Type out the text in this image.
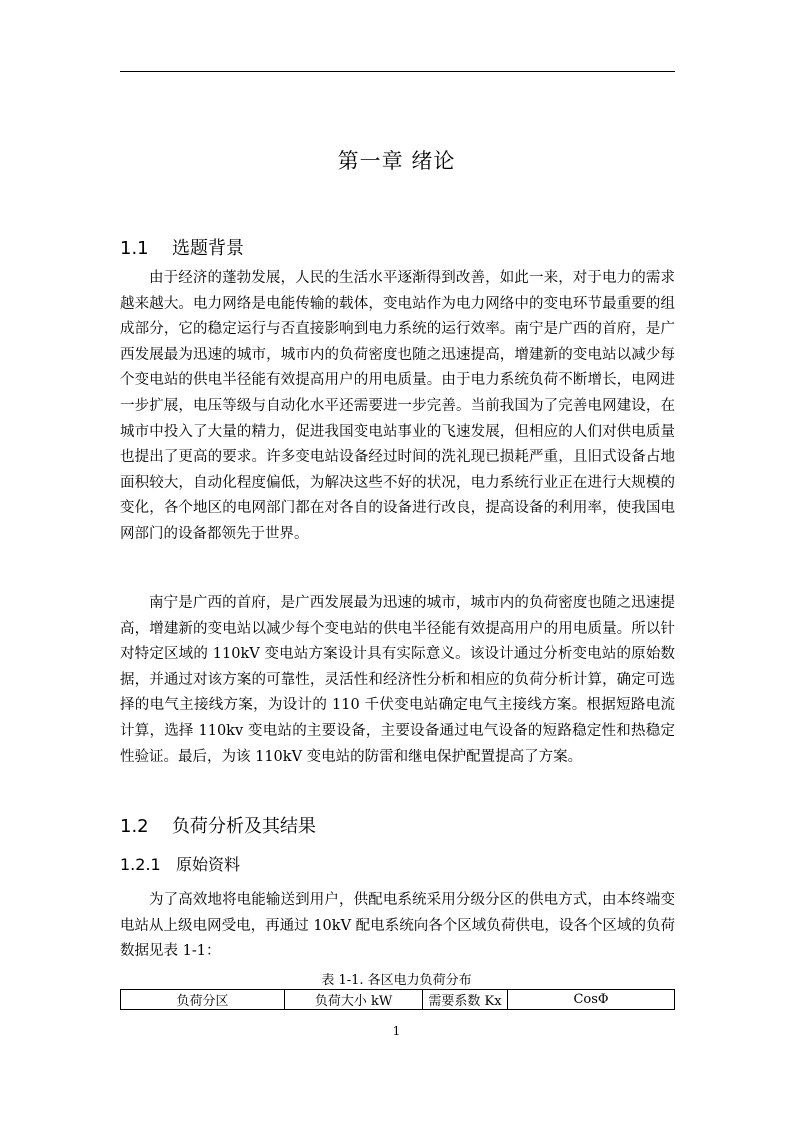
第一章 绪论
1.1 选题背景

由于经济的蓬勃发展，人民的生活水平逐渐得到改善，如此一来，对于电力的需求越来越大。电力网络是电能传输的载体，变电站作为电力网络中的变电环节最重要的组成部分，它的稳定运行与否直接影响到电力系统的运行效率。南宁是广西的首府，是广西发展最为迅速的城市，城市内的负荷密度也随之迅速提高，增建新的变电站以减少每个变电站的供电半径能有效提高用户的用电质量。由于电力系统负荷不断增长，电网进一步扩展，电压等级与自动化水平还需要进一步完善。当前我国为了完善电网建设，在城市中投入了大量的精力，促进我国变电站事业的飞速发展，但相应的人们对供电质量也提出了更高的要求。许多变电站设备经过时间的洗礼现已损耗严重，且旧式设备占地面积较大，自动化程度偏低，为解决这些不好的状况，电力系统行业正在进行大规模的变化，各个地区的电网部门都在对各自的设备进行改良，提高设备的利用率，使我国电网部门的设备都领先于世界。

南宁是广西的首府，是广西发展最为迅速的城市，城市内的负荷密度也随之迅速提高，增建新的变电站以减少每个变电站的供电半径能有效提高用户的用电质量。所以针对特定区域的 110kV 变电站方案设计具有实际意义。该设计通过分析变电站的原始数据，并通过对该方案的可靠性，灵活性和经济性分析和相应的负荷分析计算，确定可选择的电气主接线方案，为设计的 110 千伏变电站确定电气主接线方案。根据短路电流计算，选择 110kv 变电站的主要设备，主要设备通过电气设备的短路稳定性和热稳定性验证。最后，为该 110kV 变电站的防雷和继电保护配置提高了方案。

1.2 负荷分析及其结果
1.2.1 原始资料

为了高效地将电能输送到用户，供配电系统采用分级分区的供电方式，由本终端变电站从上级电网受电，再通过 10kV 配电系统向各个区域负荷供电，设各个区域的负荷数据见表 1-1：

表 1-1. 各区电力负荷分布
负荷分区	负荷大小 kW	需要系数 Kx	CosΦ
1
